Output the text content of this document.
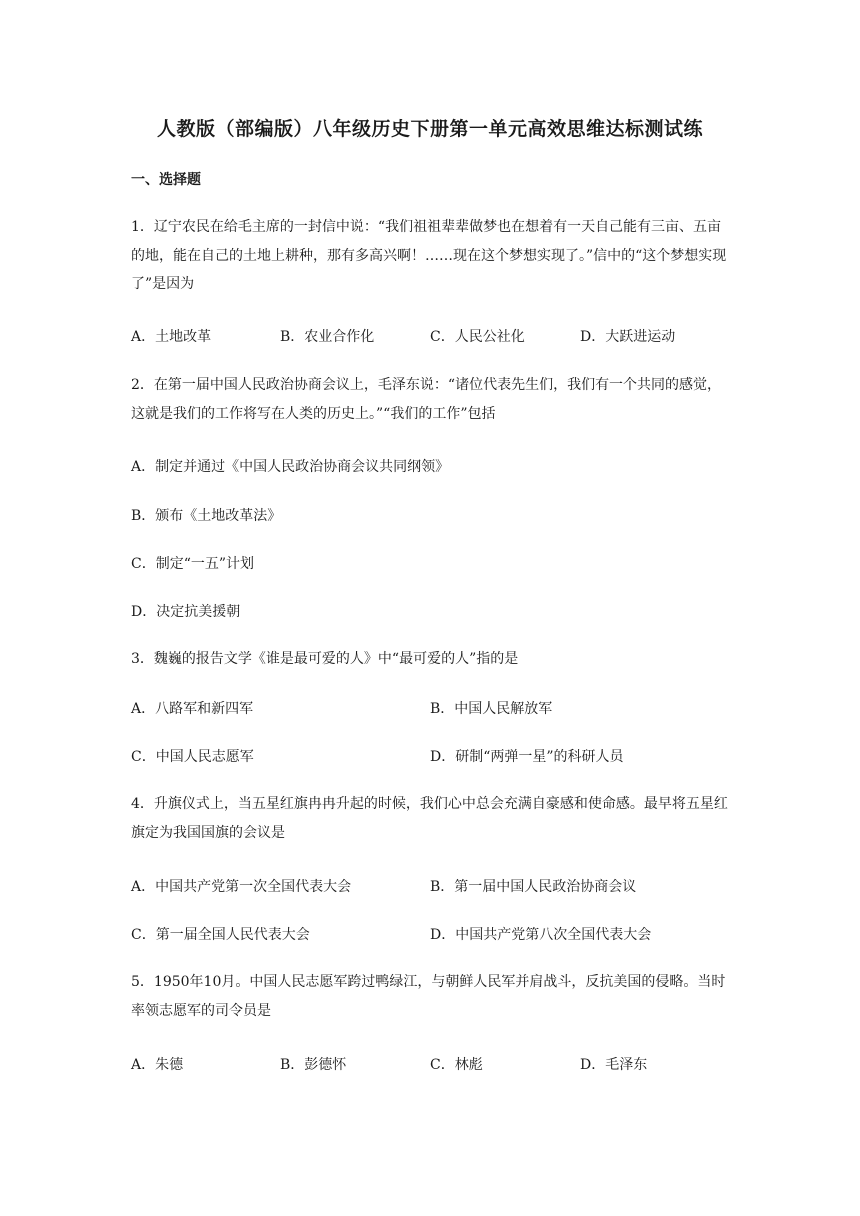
人教版（部编版）八年级历史下册第一单元高效思维达标测试练
一、选择题
1．辽宁农民在给毛主席的一封信中说：“我们祖祖辈辈做梦也在想着有一天自己能有三亩、五亩的地，能在自己的土地上耕种，那有多高兴啊！……现在这个梦想实现了。”信中的“这个梦想实现了”是因为
A．土地改革	B．农业合作化	C．人民公社化	D．大跃进运动
2．在第一届中国人民政治协商会议上，毛泽东说：“诸位代表先生们，我们有一个共同的感觉，这就是我们的工作将写在人类的历史上。”“我们的工作”包括
A．制定并通过《中国人民政治协商会议共同纲领》
B．颁布《土地改革法》
C．制定“一五”计划
D．决定抗美援朝
3．魏巍的报告文学《谁是最可爱的人》中“最可爱的人”指的是
A．八路军和新四军	B．中国人民解放军
C．中国人民志愿军	D．研制“两弹一星”的科研人员
4．升旗仪式上，当五星红旗冉冉升起的时候，我们心中总会充满自豪感和使命感。最早将五星红旗定为我国国旗的会议是
A．中国共产党第一次全国代表大会	B．第一届中国人民政治协商会议
C．第一届全国人民代表大会	D．中国共产党第八次全国代表大会
5．1950年10月。中国人民志愿军跨过鸭绿江，与朝鲜人民军并肩战斗，反抗美国的侵略。当时率领志愿军的司令员是
A．朱德	B．彭德怀	C．林彪	D．毛泽东
